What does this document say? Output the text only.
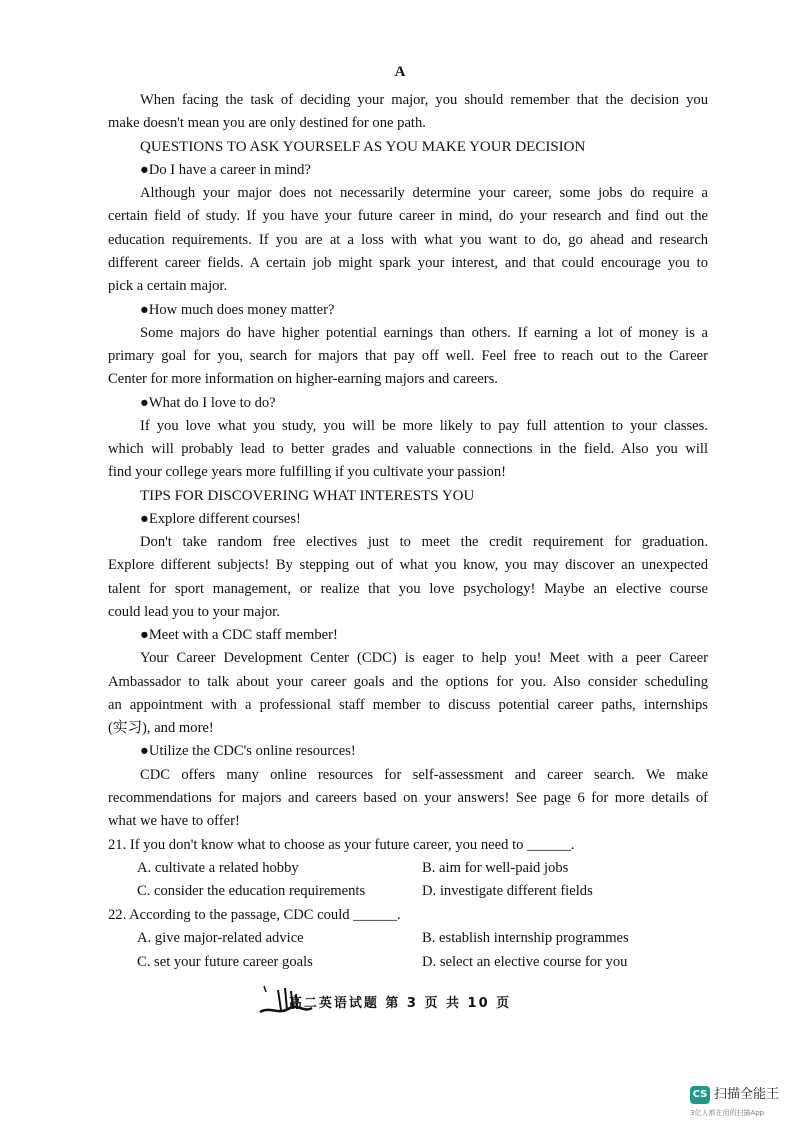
A
When facing the task of deciding your major, you should remember that the decision you
make doesn't mean you are only destined for one path.
QUESTIONS TO ASK YOURSELF AS YOU MAKE YOUR DECISION
●Do I have a career in mind?
Although your major does not necessarily determine your career, some jobs do require a
certain field of study. If you have your future career in mind, do your research and find out the
education requirements. If you are at a loss with what you want to do, go ahead and research
different career fields. A certain job might spark your interest, and that could encourage you to
pick a certain major.
●How much does money matter?
Some majors do have higher potential earnings than others. If earning a lot of money is a
primary goal for you, search for majors that pay off well. Feel free to reach out to the Career
Center for more information on higher-earning majors and careers.
●What do I love to do?
If you love what you study, you will be more likely to pay full attention to your classes.
which will probably lead to better grades and valuable connections in the field. Also you will
find your college years more fulfilling if you cultivate your passion!
TIPS FOR DISCOVERING WHAT INTERESTS YOU
●Explore different courses!
Don't take random free electives just to meet the credit requirement for graduation.
Explore different subjects! By stepping out of what you know, you may discover an unexpected
talent for sport management, or realize that you love psychology! Maybe an elective course
could lead you to your major.
●Meet with a CDC staff member!
Your Career Development Center (CDC) is eager to help you! Meet with a peer Career
Ambassador to talk about your career goals and the options for you. Also consider scheduling
an appointment with a professional staff member to discuss potential career paths, internships
(实习), and more!
●Utilize the CDC's online resources!
CDC offers many online resources for self-assessment and career search. We make
recommendations for majors and careers based on your answers! See page 6 for more details of
what we have to offer!
21. If you don't know what to choose as your future career, you need to ______.
A. cultivate a related hobby	B. aim for well-paid jobs
C. consider the education requirements	D. investigate different fields
22. According to the passage, CDC could ______.
A. give major-related advice	B. establish internship programmes
C. set your future career goals	D. select an elective course for you
高二英语试题 第 3 页 共 10 页
CS 扫描全能王
3亿人都在用的扫描App
